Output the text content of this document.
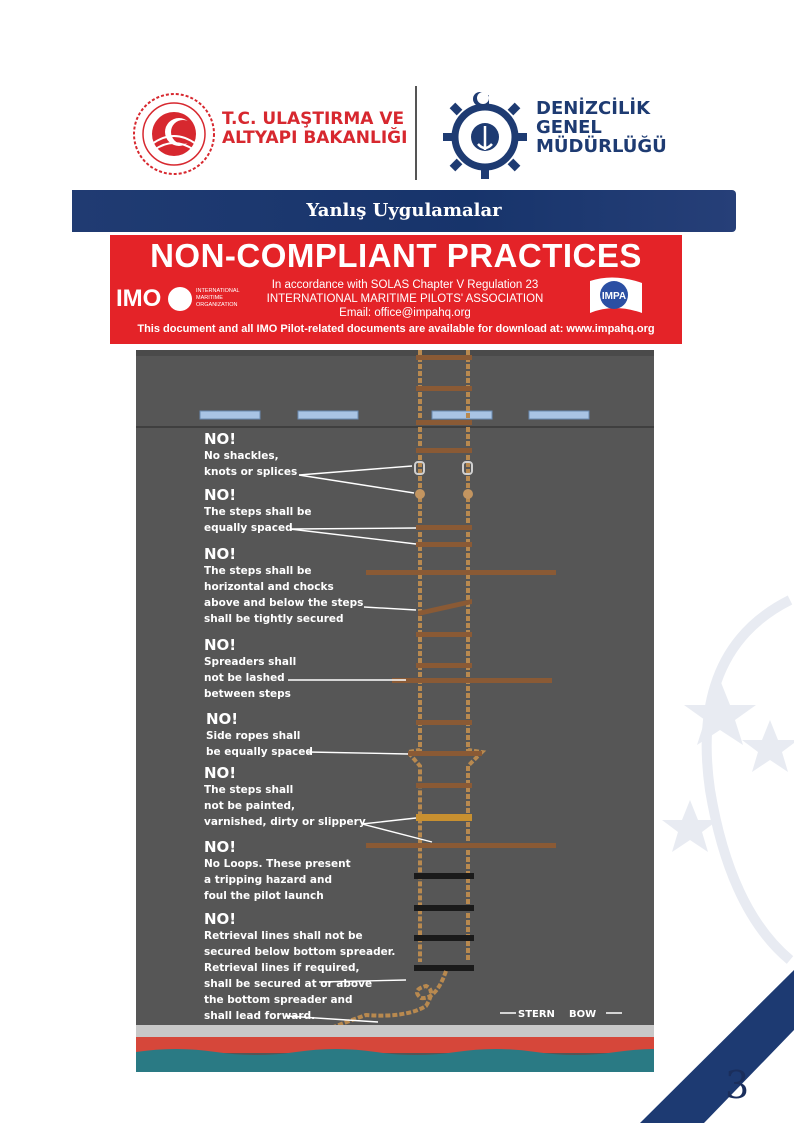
T.C. ULAŞTIRMA VE
ALTYAPI BAKANLIĞI
DENİZCİLİK
GENEL
MÜDÜRLÜĞÜ
Yanlış Uygulamalar
NON-COMPLIANT PRACTICES
IMO	INTERNATIONAL
MARITIME
ORGANIZATION
In accordance with SOLAS Chapter V Regulation 23
INTERNATIONAL MARITIME PILOTS' ASSOCIATION
Email: office@impahq.org
IMPA
This document and all IMO Pilot-related documents are available for download at: www.impahq.org
STERN BOW
NO!
No shackles,
knots or splices
NO!
The steps shall be
equally spaced
NO!
The steps shall be
horizontal and chocks
above and below the steps
shall be tightly secured
NO!
Spreaders shall
not be lashed
between steps
NO!
Side ropes shall
be equally spaced
NO!
The steps shall
not be painted,
varnished, dirty or slippery
NO!
No Loops. These present
a tripping hazard and
foul the pilot launch
NO!
Retrieval lines shall not be
secured below bottom spreader.
Retrieval lines if required,
shall be secured at or above
the bottom spreader and
shall lead forward.
3
